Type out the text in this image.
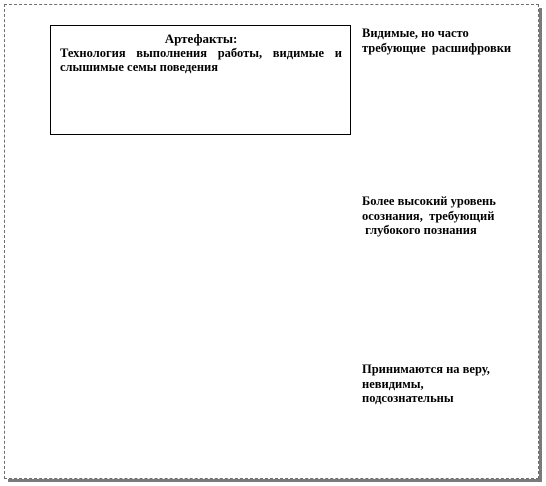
Артефакты:

Технология выполнения работы, видимые и слышимые семы поведения

Видимые, но часто
требующие  расшифровки

Более высокий уровень
осознания,  требующий
глубокого познания

Принимаются на веру,
невидимы,
подсознательны
